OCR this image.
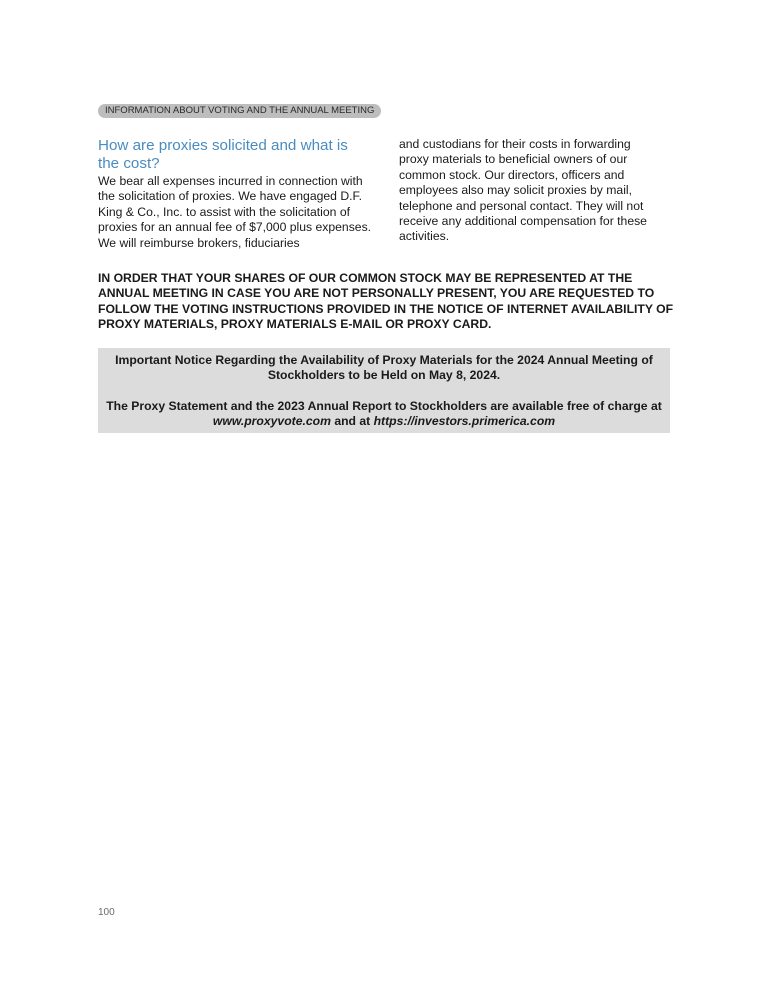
INFORMATION ABOUT VOTING AND THE ANNUAL MEETING
How are proxies solicited and what is the cost?

We bear all expenses incurred in connection with the solicitation of proxies. We have engaged D.F. King & Co., Inc. to assist with the solicitation of proxies for an annual fee of $7,000 plus expenses. We will reimburse brokers, fiduciaries

and custodians for their costs in forwarding proxy materials to beneficial owners of our common stock. Our directors, officers and employees also may solicit proxies by mail, telephone and personal contact. They will not receive any additional compensation for these activities.

IN ORDER THAT YOUR SHARES OF OUR COMMON STOCK MAY BE REPRESENTED AT THE ANNUAL MEETING IN CASE YOU ARE NOT PERSONALLY PRESENT, YOU ARE REQUESTED TO FOLLOW THE VOTING INSTRUCTIONS PROVIDED IN THE NOTICE OF INTERNET AVAILABILITY OF PROXY MATERIALS, PROXY MATERIALS E-MAIL OR PROXY CARD.

Important Notice Regarding the Availability of Proxy Materials for the 2024 Annual Meeting of Stockholders to be Held on May 8, 2024.

The Proxy Statement and the 2023 Annual Report to Stockholders are available free of charge at www.proxyvote.com and at https://investors.primerica.com

100
